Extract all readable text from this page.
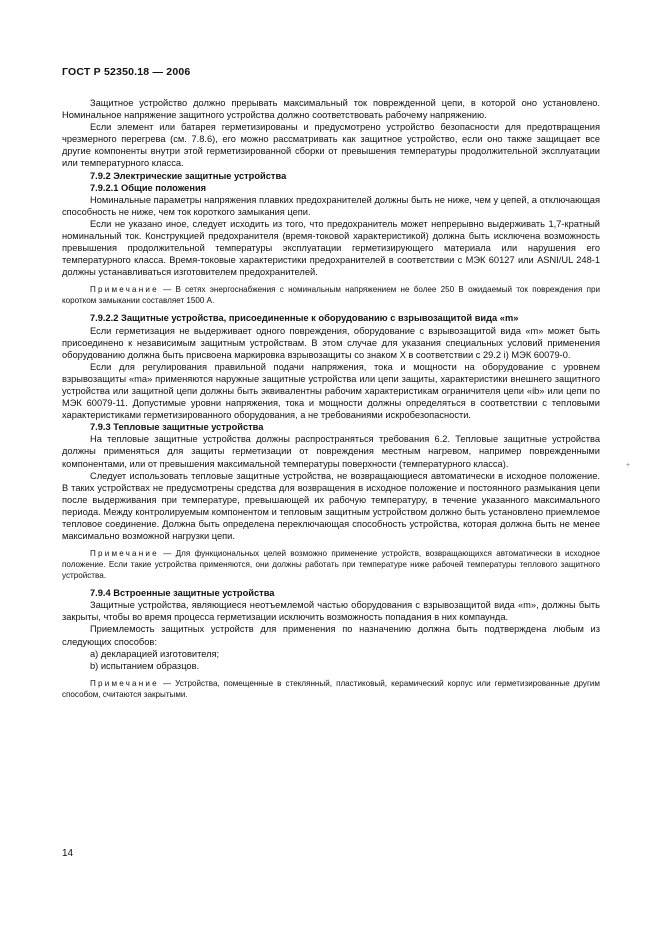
ГОСТ Р 52350.18 — 2006

Защитное устройство должно прерывать максимальный ток поврежденной цепи, в которой оно установлено. Номинальное напряжение защитного устройства должно соответствовать рабочему напряжению.

Если элемент или батарея герметизированы и предусмотрено устройство безопасности для предотвращения чрезмерного перегрева (см. 7.8.6), его можно рассматривать как защитное устройство, если оно также защищает все другие компоненты внутри этой герметизированной сборки от превышения температуры продолжительной эксплуатации или температурного класса.

7.9.2 Электрические защитные устройства
7.9.2.1 Общие положения

Номинальные параметры напряжения плавких предохранителей должны быть не ниже, чем у цепей, а отключающая способность не ниже, чем ток короткого замыкания цепи.

Если не указано иное, следует исходить из того, что предохранитель может непрерывно выдерживать 1,7-кратный номинальный ток. Конструкцией предохранителя (время-токовой характеристикой) должна быть исключена возможность превышения продолжительной температуры эксплуатации герметизирующего материала или нарушения его температурного класса. Время-токовые характеристики предохранителей в соответствии с МЭК 60127 или ASNI/UL 248-1 должны устанавливаться изготовителем предохранителей.

Примечание — В сетях энергоснабжения с номинальным напряжением не более 250 В ожидаемый ток повреждения при коротком замыкании составляет 1500 А.

7.9.2.2 Защитные устройства, присоединенные к оборудованию с взрывозащитой вида «m»

Если герметизация не выдерживает одного повреждения, оборудование с взрывозащитой вида «m» может быть присоединено к независимым защитным устройствам. В этом случае для указания специальных условий применения оборудованию должна быть присвоена маркировка взрывозащиты со знаком X в соответствии с 29.2 i) МЭК 60079-0.

Если для регулирования правильной подачи напряжения, тока и мощности на оборудование с уровнем взрывозащиты «ma» применяются наружные защитные устройства или цепи защиты, характеристики внешнего защитного устройства или защитной цепи должны быть эквивалентны рабочим характеристикам ограничителя цепи «ib» или цепи по МЭК 60079-11. Допустимые уровни напряжения, тока и мощности должны определяться в соответствии с тепловыми характеристиками герметизированного оборудования, а не требованиями искробезопасности.

7.9.3 Тепловые защитные устройства

На тепловые защитные устройства должны распространяться требования 6.2. Тепловые защитные устройства должны применяться для защиты герметизации от повреждения местным нагревом, например поврежденными компонентами, или от превышения максимальной температуры поверхности (температурного класса).

Следует использовать тепловые защитные устройства, не возвращающиеся автоматически в исходное положение. В таких устройствах не предусмотрены средства для возвращения в исходное положение и постоянного размыкания цепи после выдерживания при температуре, превышающей их рабочую температуру, в течение указанного максимального периода. Между контролируемым компонентом и тепловым защитным устройством должно быть установлено приемлемое тепловое соединение. Должна быть определена переключающая способность устройства, которая должна быть не менее максимально возможной нагрузки цепи.

Примечание — Для функциональных целей возможно применение устройств, возвращающихся автоматически в исходное положение. Если такие устройства применяются, они должны работать при температуре ниже рабочей температуры теплового защитного устройства.

7.9.4 Встроенные защитные устройства

Защитные устройства, являющиеся неотъемлемой частью оборудования с взрывозащитой вида «m», должны быть закрыты, чтобы во время процесса герметизации исключить возможность попадания в них компаунда.

Приемлемость защитных устройств для применения по назначению должна быть подтверждена любым из следующих способов:

a) декларацией изготовителя;

b) испытанием образцов.

Примечание — Устройства, помещенные в стеклянный, пластиковый, керамический корпус или герметизированные другим способом, считаются закрытыми.

+
14
